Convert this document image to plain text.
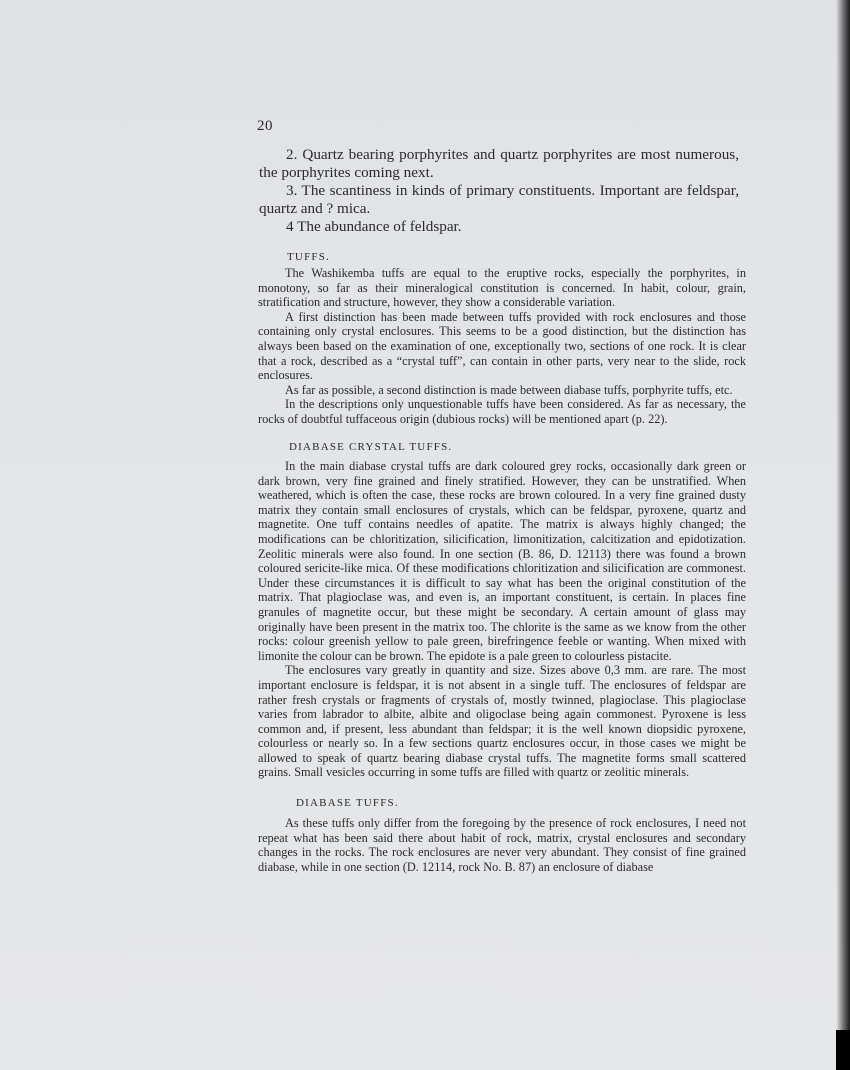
20

2. Quartz bearing porphyrites and quartz porphyrites are most numerous, the porphyrites coming next.

3. The scantiness in kinds of primary constituents. Important are feldspar, quartz and ? mica.

4 The abundance of feldspar.

TUFFS.

The Washikemba tuffs are equal to the eruptive rocks, especially the porphyrites, in monotony, so far as their mineralogical constitution is concerned. In habit, colour, grain, stratification and structure, however, they show a considerable variation.

A first distinction has been made between tuffs provided with rock enclosures and those containing only crystal enclosures. This seems to be a good distinction, but the distinction has always been based on the examination of one, exceptionally two, sections of one rock. It is clear that a rock, described as a “crystal tuff”, can contain in other parts, very near to the slide, rock enclosures.

As far as possible, a second distinction is made between diabase tuffs, porphyrite tuffs, etc.

In the descriptions only unquestionable tuffs have been considered. As far as necessary, the rocks of doubtful tuffaceous origin (dubious rocks) will be mentioned apart (p. 22).

DIABASE CRYSTAL TUFFS.

In the main diabase crystal tuffs are dark coloured grey rocks, occasionally dark green or dark brown, very fine grained and finely stratified. However, they can be unstratified. When weathered, which is often the case, these rocks are brown coloured. In a very fine grained dusty matrix they contain small enclosures of crystals, which can be feldspar, pyroxene, quartz and magnetite. One tuff contains needles of apatite. The matrix is always highly changed; the modifications can be chloritization, silicification, limonitization, calcitization and epidotization. Zeolitic minerals were also found. In one section (B. 86, D. 12113) there was found a brown coloured sericite-like mica. Of these modifications chloritization and silicification are commonest. Under these circumstances it is difficult to say what has been the original constitution of the matrix. That plagioclase was, and even is, an important constituent, is certain. In places fine granules of magnetite occur, but these might be secondary. A certain amount of glass may originally have been present in the matrix too. The chlorite is the same as we know from the other rocks: colour greenish yellow to pale green, birefringence feeble or wanting. When mixed with limonite the colour can be brown. The epidote is a pale green to colourless pistacite.

The enclosures vary greatly in quantity and size. Sizes above 0,3 mm. are rare. The most important enclosure is feldspar, it is not absent in a single tuff. The enclosures of feldspar are rather fresh crystals or fragments of crystals of, mostly twinned, plagioclase. This plagioclase varies from labrador to albite, albite and oligoclase being again commonest. Pyroxene is less common and, if present, less abundant than feldspar; it is the well known diopsidic pyroxene, colourless or nearly so. In a few sections quartz enclosures occur, in those cases we might be allowed to speak of quartz bearing diabase crystal tuffs. The magnetite forms small scattered grains. Small vesicles occurring in some tuffs are filled with quartz or zeolitic minerals.

DIABASE TUFFS.

As these tuffs only differ from the foregoing by the presence of rock enclosures, I need not repeat what has been said there about habit of rock, matrix, crystal enclosures and secondary changes in the rocks. The rock enclosures are never very abundant. They consist of fine grained diabase, while in one section (D. 12114, rock No. B. 87) an enclosure of diabase
